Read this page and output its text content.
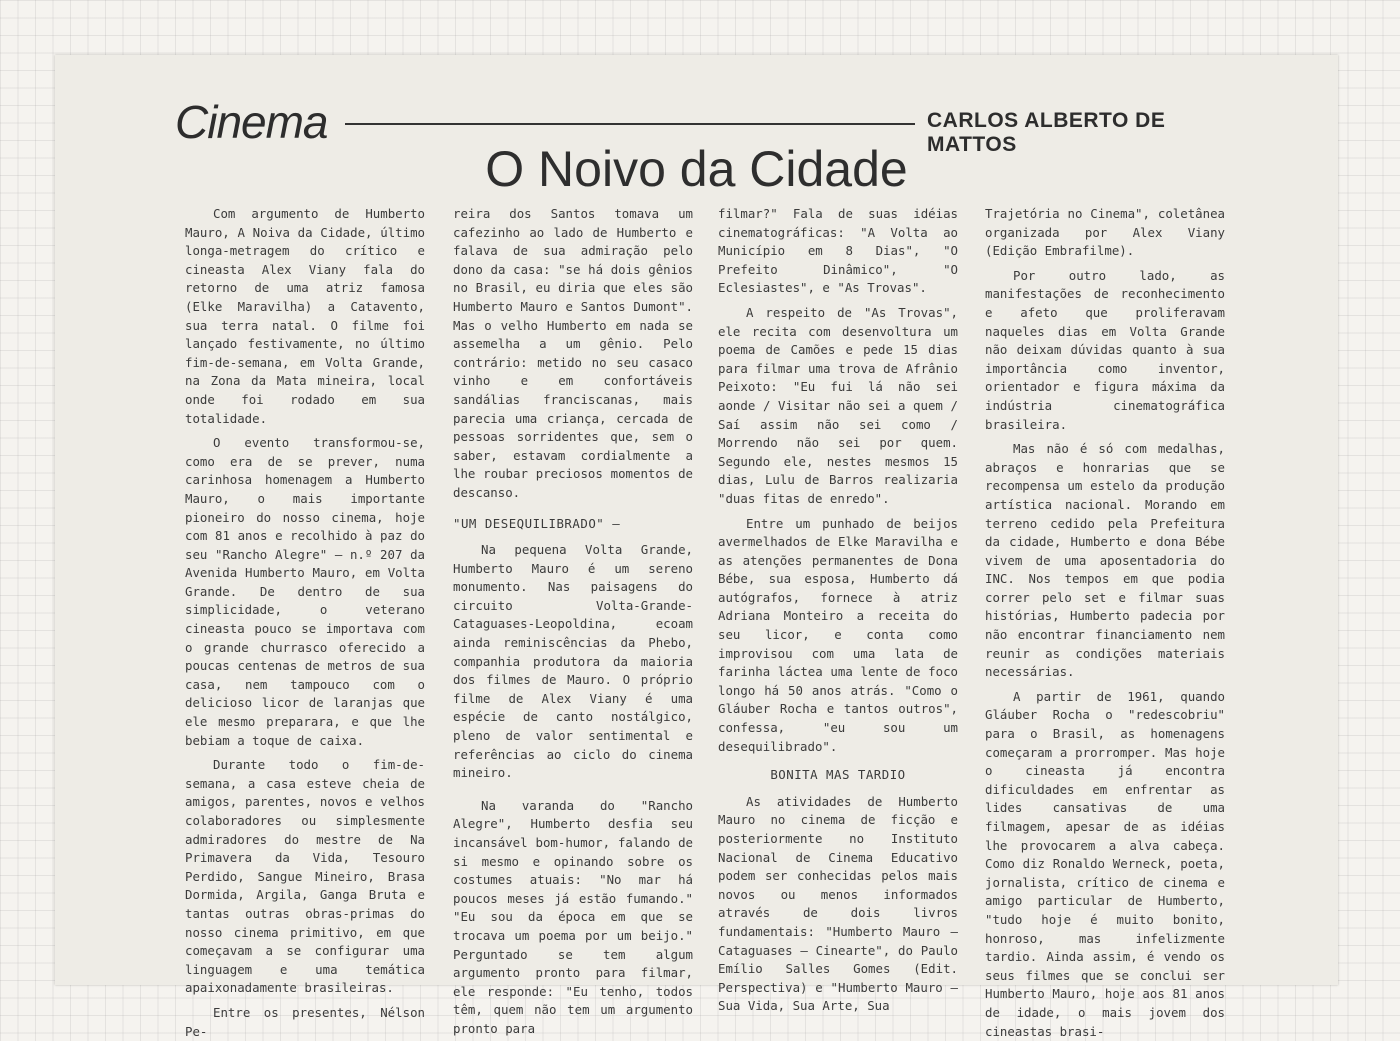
Cinema	CARLOS ALBERTO DE MATTOS
O Noivo da Cidade

Com argumento de Humberto Mauro, A Noiva da Cidade, último longa-metragem do crítico e cineasta Alex Viany fala do retorno de uma atriz famosa (Elke Maravilha) a Catavento, sua terra natal. O filme foi lançado festivamente, no último fim-de-semana, em Volta Grande, na Zona da Mata mineira, local onde foi rodado em sua totalidade.

O evento transformou-se, como era de se prever, numa carinhosa homenagem a Humberto Mauro, o mais importante pioneiro do nosso cinema, hoje com 81 anos e recolhido à paz do seu "Rancho Alegre" — n.º 207 da Avenida Humberto Mauro, em Volta Grande. De dentro de sua simplicidade, o veterano cineasta pouco se importava com o grande churrasco oferecido a poucas centenas de metros de sua casa, nem tampouco com o delicioso licor de laranjas que ele mesmo preparara, e que lhe bebiam a toque de caixa.

Durante todo o fim-de-semana, a casa esteve cheia de amigos, parentes, novos e velhos colaboradores ou simplesmente admiradores do mestre de Na Primavera da Vida, Tesouro Perdido, Sangue Mineiro, Brasa Dormida, Argila, Ganga Bruta e tantas outras obras-primas do nosso cinema primitivo, em que começavam a se configurar uma linguagem e uma temática apaixonadamente brasileiras.

Entre os presentes, Nélson Pe-

reira dos Santos tomava um cafezinho ao lado de Humberto e falava de sua admiração pelo dono da casa: "se há dois gênios no Brasil, eu diria que eles são Humberto Mauro e Santos Dumont". Mas o velho Humberto em nada se assemelha a um gênio. Pelo contrário: metido no seu casaco vinho e em confortáveis sandálias franciscanas, mais parecia uma criança, cercada de pessoas sorridentes que, sem o saber, estavam cordialmente a lhe roubar preciosos momentos de descanso.

"UM DESEQUILIBRADO" —

Na pequena Volta Grande, Humberto Mauro é um sereno monumento. Nas paisagens do circuito Volta-Grande-Cataguases-Leopoldina, ecoam ainda reminiscências da Phebo, companhia produtora da maioria dos filmes de Mauro. O próprio filme de Alex Viany é uma espécie de canto nostálgico, pleno de valor sentimental e referências ao ciclo do cinema mineiro.

Na varanda do "Rancho Alegre", Humberto desfia seu incansável bom-humor, falando de si mesmo e opinando sobre os costumes atuais: "No mar há poucos meses já estão fumando." "Eu sou da época em que se trocava um poema por um beijo." Perguntado se tem algum argumento pronto para filmar, ele responde: "Eu tenho, todos têm, quem não tem um argumento pronto para

filmar?" Fala de suas idéias cinematográficas: "A Volta ao Município em 8 Dias", "O Prefeito Dinâmico", "O Eclesiastes", e "As Trovas".

A respeito de "As Trovas", ele recita com desenvoltura um poema de Camões e pede 15 dias para filmar uma trova de Afrânio Peixoto: "Eu fui lá não sei aonde / Visitar não sei a quem / Saí assim não sei como / Morrendo não sei por quem. Segundo ele, nestes mesmos 15 dias, Lulu de Barros realizaria "duas fitas de enredo".

Entre um punhado de beijos avermelhados de Elke Maravilha e as atenções permanentes de Dona Bébe, sua esposa, Humberto dá autógrafos, fornece à atriz Adriana Monteiro a receita do seu licor, e conta como improvisou com uma lata de farinha láctea uma lente de foco longo há 50 anos atrás. "Como o Gláuber Rocha e tantos outros", confessa, "eu sou um desequilibrado".

BONITA MAS TARDIO

As atividades de Humberto Mauro no cinema de ficção e posteriormente no Instituto Nacional de Cinema Educativo podem ser conhecidas pelos mais novos ou menos informados através de dois livros fundamentais: "Humberto Mauro — Cataguases — Cinearte", do Paulo Emílio Salles Gomes (Edit. Perspectiva) e "Humberto Mauro — Sua Vida, Sua Arte, Sua

Trajetória no Cinema", coletânea organizada por Alex Viany (Edição Embrafilme).

Por outro lado, as manifestações de reconhecimento e afeto que proliferavam naqueles dias em Volta Grande não deixam dúvidas quanto à sua importância como inventor, orientador e figura máxima da indústria cinematográfica brasileira.

Mas não é só com medalhas, abraços e honrarias que se recompensa um estelo da produção artística nacional. Morando em terreno cedido pela Prefeitura da cidade, Humberto e dona Bébe vivem de uma aposentadoria do INC. Nos tempos em que podia correr pelo set e filmar suas histórias, Humberto padecia por não encontrar financiamento nem reunir as condições materiais necessárias.

A partir de 1961, quando Gláuber Rocha o "redescobriu" para o Brasil, as homenagens começaram a prorromper. Mas hoje o cineasta já encontra dificuldades em enfrentar as lides cansativas de uma filmagem, apesar de as idéias lhe provocarem a alva cabeça. Como diz Ronaldo Werneck, poeta, jornalista, crítico de cinema e amigo particular de Humberto, "tudo hoje é muito bonito, honroso, mas infelizmente tardio. Ainda assim, é vendo os seus filmes que se conclui ser Humberto Mauro, hoje aos 81 anos de idade, o mais jovem dos cineastas brasi-
